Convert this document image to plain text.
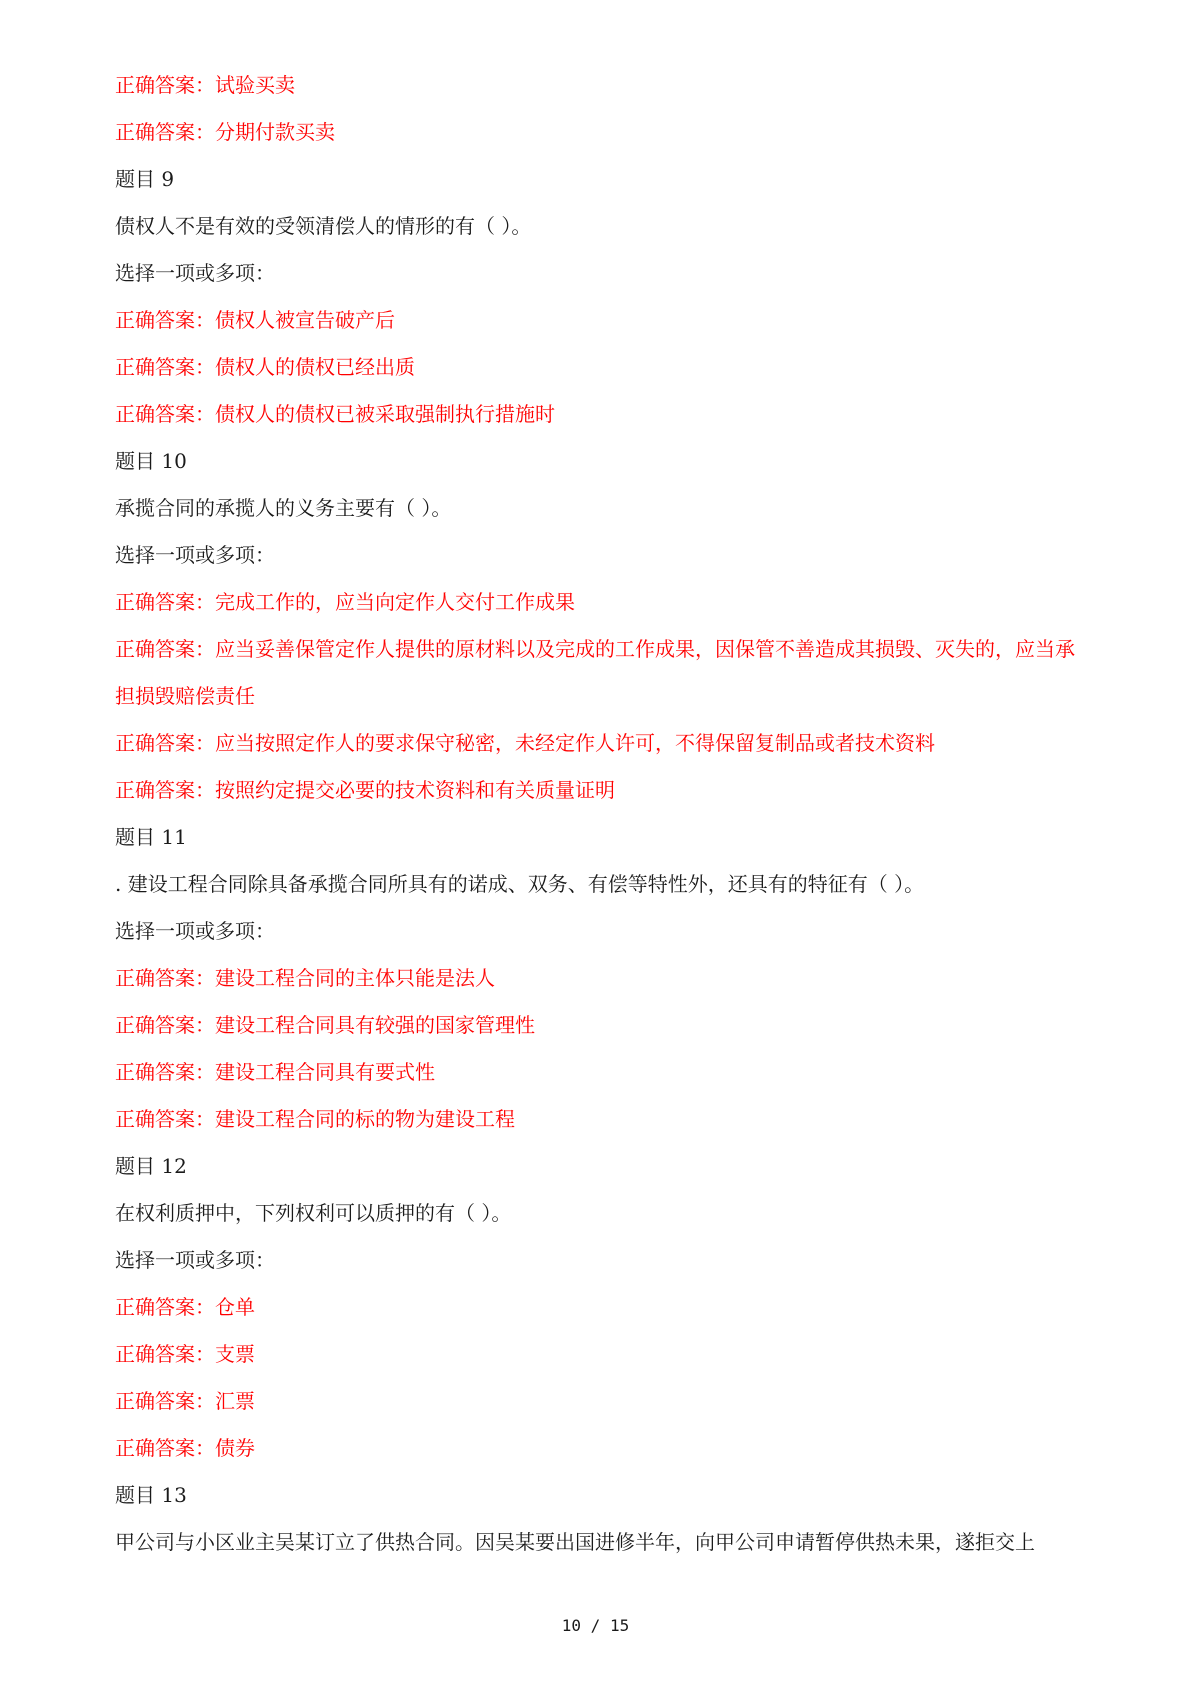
正确答案：试验买卖
正确答案：分期付款买卖
题目 9
债权人不是有效的受领清偿人的情形的有（ ）。
选择一项或多项：
正确答案：债权人被宣告破产后
正确答案：债权人的债权已经出质
正确答案：债权人的债权已被采取强制执行措施时
题目 10
承揽合同的承揽人的义务主要有（ ）。
选择一项或多项：
正确答案：完成工作的，应当向定作人交付工作成果
正确答案：应当妥善保管定作人提供的原材料以及完成的工作成果，因保管不善造成其损毁、灭失的，应当承担损毁赔偿责任
正确答案：应当按照定作人的要求保守秘密，未经定作人许可，不得保留复制品或者技术资料
正确答案：按照约定提交必要的技术资料和有关质量证明
题目 11
. 建设工程合同除具备承揽合同所具有的诺成、双务、有偿等特性外，还具有的特征有（ ）。
选择一项或多项：
正确答案：建设工程合同的主体只能是法人
正确答案：建设工程合同具有较强的国家管理性
正确答案：建设工程合同具有要式性
正确答案：建设工程合同的标的物为建设工程
题目 12
在权利质押中，下列权利可以质押的有（ ）。
选择一项或多项：
正确答案：仓单
正确答案：支票
正确答案：汇票
正确答案：债券
题目 13
甲公司与小区业主吴某订立了供热合同。因吴某要出国进修半年，向甲公司申请暂停供热未果，遂拒交上
10 / 15
